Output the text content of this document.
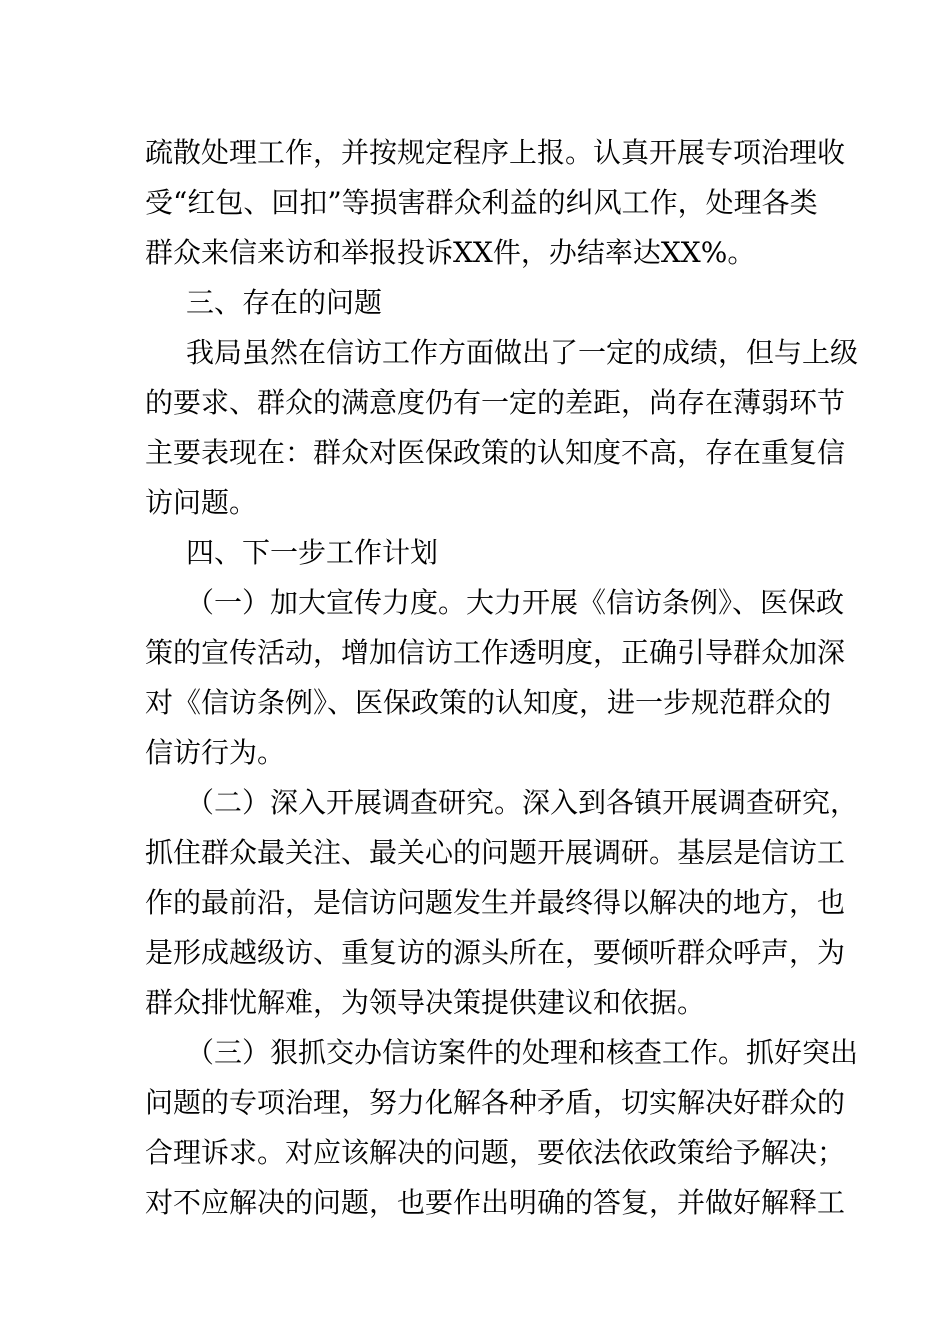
疏散处理工作，并按规定程序上报。认真开展专项治理收
受“红包、回扣”等损害群众利益的纠风工作，处理各类
群众来信来访和举报投诉XX件，办结率达XX%。
三、存在的问题
我局虽然在信访工作方面做出了一定的成绩，但与上级
的要求、群众的满意度仍有一定的差距，尚存在薄弱环节
主要表现在：群众对医保政策的认知度不高，存在重复信
访问题。
四、下一步工作计划
（一）加大宣传力度。大力开展《信访条例》、医保政
策的宣传活动，增加信访工作透明度，正确引导群众加深
对《信访条例》、医保政策的认知度，进一步规范群众的
信访行为。
（二）深入开展调查研究。深入到各镇开展调查研究，
抓住群众最关注、最关心的问题开展调研。基层是信访工
作的最前沿，是信访问题发生并最终得以解决的地方，也
是形成越级访、重复访的源头所在，要倾听群众呼声，为
群众排忧解难，为领导决策提供建议和依据。
（三）狠抓交办信访案件的处理和核查工作。抓好突出
问题的专项治理，努力化解各种矛盾，切实解决好群众的
合理诉求。对应该解决的问题，要依法依政策给予解决；
对不应解决的问题，也要作出明确的答复，并做好解释工
